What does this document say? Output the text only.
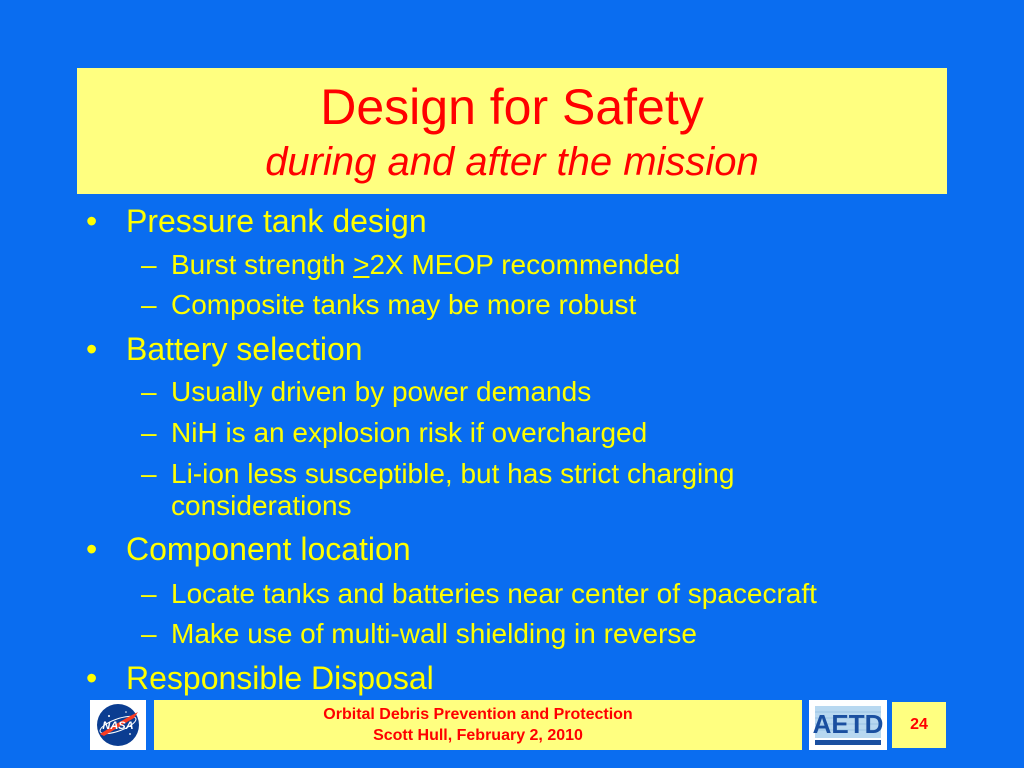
Design for Safety
during and after the mission
• Pressure tank design
– Burst strength ≥2X MEOP recommended
– Composite tanks may be more robust
• Battery selection
– Usually driven by power demands
– NiH is an explosion risk if overcharged
– Li-ion less susceptible, but has strict charging
considerations
• Component location
– Locate tanks and batteries near center of spacecraft
– Make use of multi-wall shielding in reverse
• Responsible Disposal
NASA
Orbital Debris Prevention and Protection
Scott Hull, February 2, 2010	AETD	24
